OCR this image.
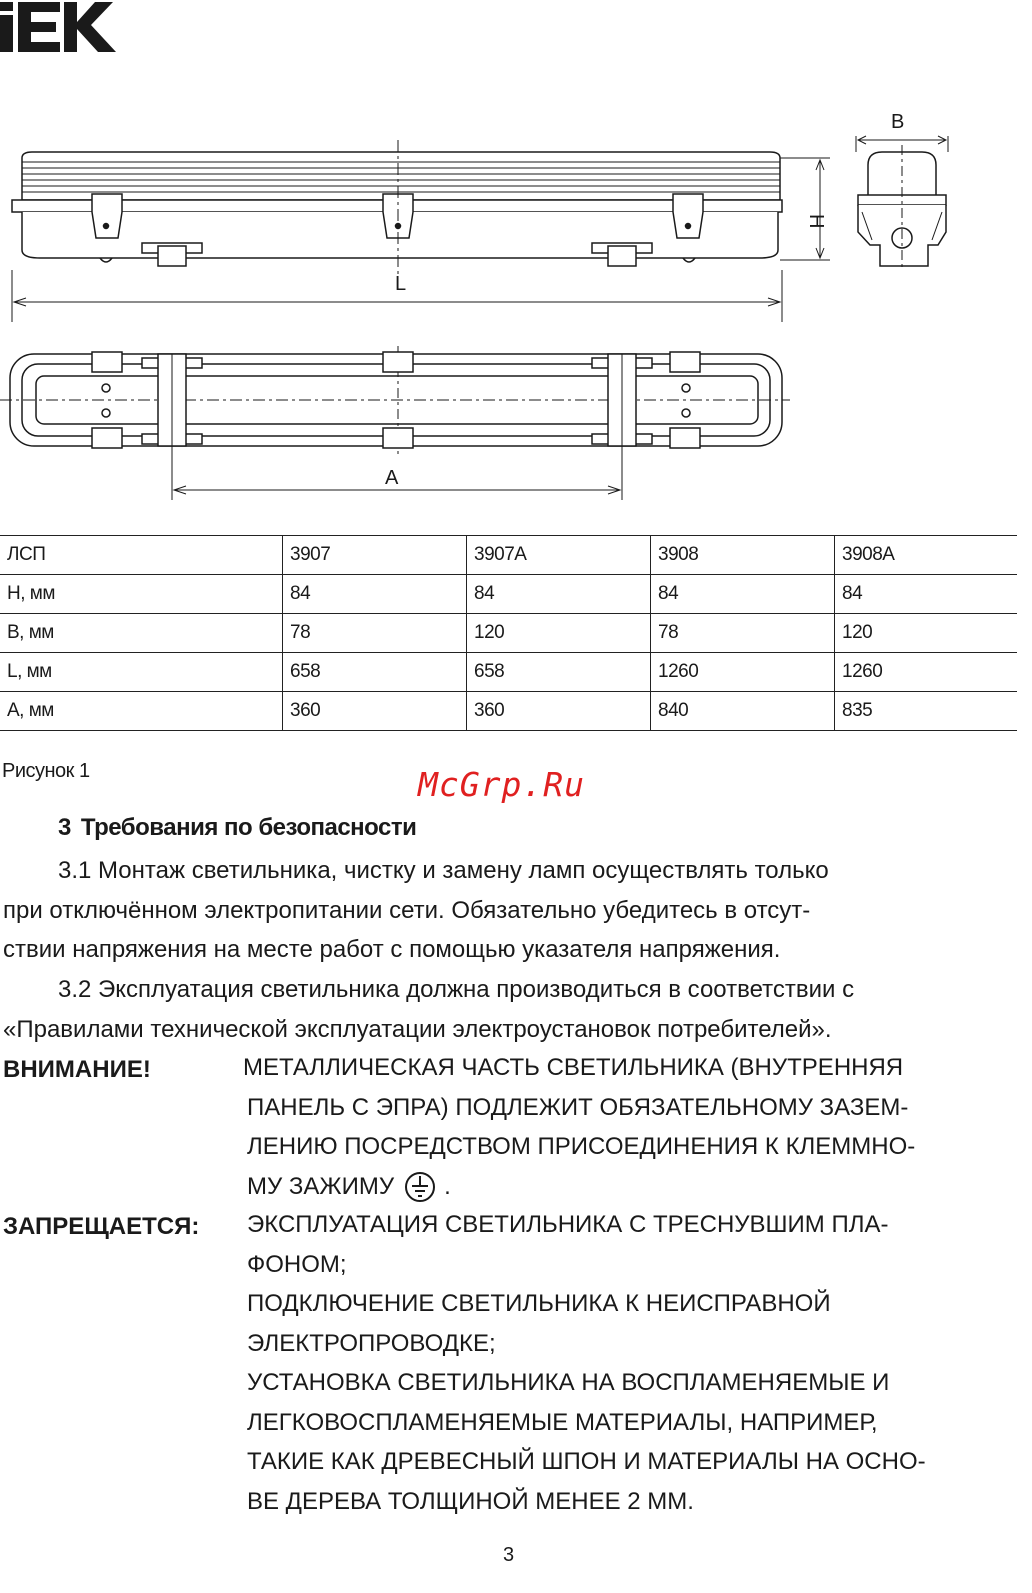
B
H
L
A
ЛСП	3907	3907A	3908	3908A
H, мм	84	84	84	84
B, мм	78	120	78	120
L, мм	658	658	1260	1260
A, мм	360	360	840	835
Рисунок 1	McGrp.Ru
3 Требования по безопасности
3.1 Монтаж светильника, чистку и замену ламп осуществлять только
при отключённом электропитании сети. Обязательно убедитесь в отсут-
ствии напряжения на месте работ с помощью указателя напряжения.
3.2 Эксплуатация светильника должна производиться в соответствии с
«Правилами технической эксплуатации электроустановок потребителей».
ВНИМАНИЕ!	МЕТАЛЛИЧЕСКАЯ ЧАСТЬ СВЕТИЛЬНИКА (ВНУТРЕННЯЯ
ПАНЕЛЬ С ЭПРА) ПОДЛЕЖИТ ОБЯЗАТЕЛЬНОМУ ЗАЗЕМ-
ЛЕНИЮ ПОСРЕДСТВОМ ПРИСОЕДИНЕНИЯ К КЛЕММНО-
МУ ЗАЖИМУ .
ЗАПРЕЩАЕТСЯ: ЭКСПЛУАТАЦИЯ СВЕТИЛЬНИКА С ТРЕСНУВШИМ ПЛА-
ФОНОМ;
ПОДКЛЮЧЕНИЕ СВЕТИЛЬНИКА К НЕИСПРАВНОЙ
ЭЛЕКТРОПРОВОДКЕ;
УСТАНОВКА СВЕТИЛЬНИКА НА ВОСПЛАМЕНЯЕМЫЕ И
ЛЕГКОВОСПЛАМЕНЯЕМЫЕ МАТЕРИАЛЫ, НАПРИМЕР,
ТАКИЕ КАК ДРЕВЕСНЫЙ ШПОН И МАТЕРИАЛЫ НА ОСНО-
ВЕ ДЕРЕВА ТОЛЩИНОЙ МЕНЕЕ 2 ММ.
3
